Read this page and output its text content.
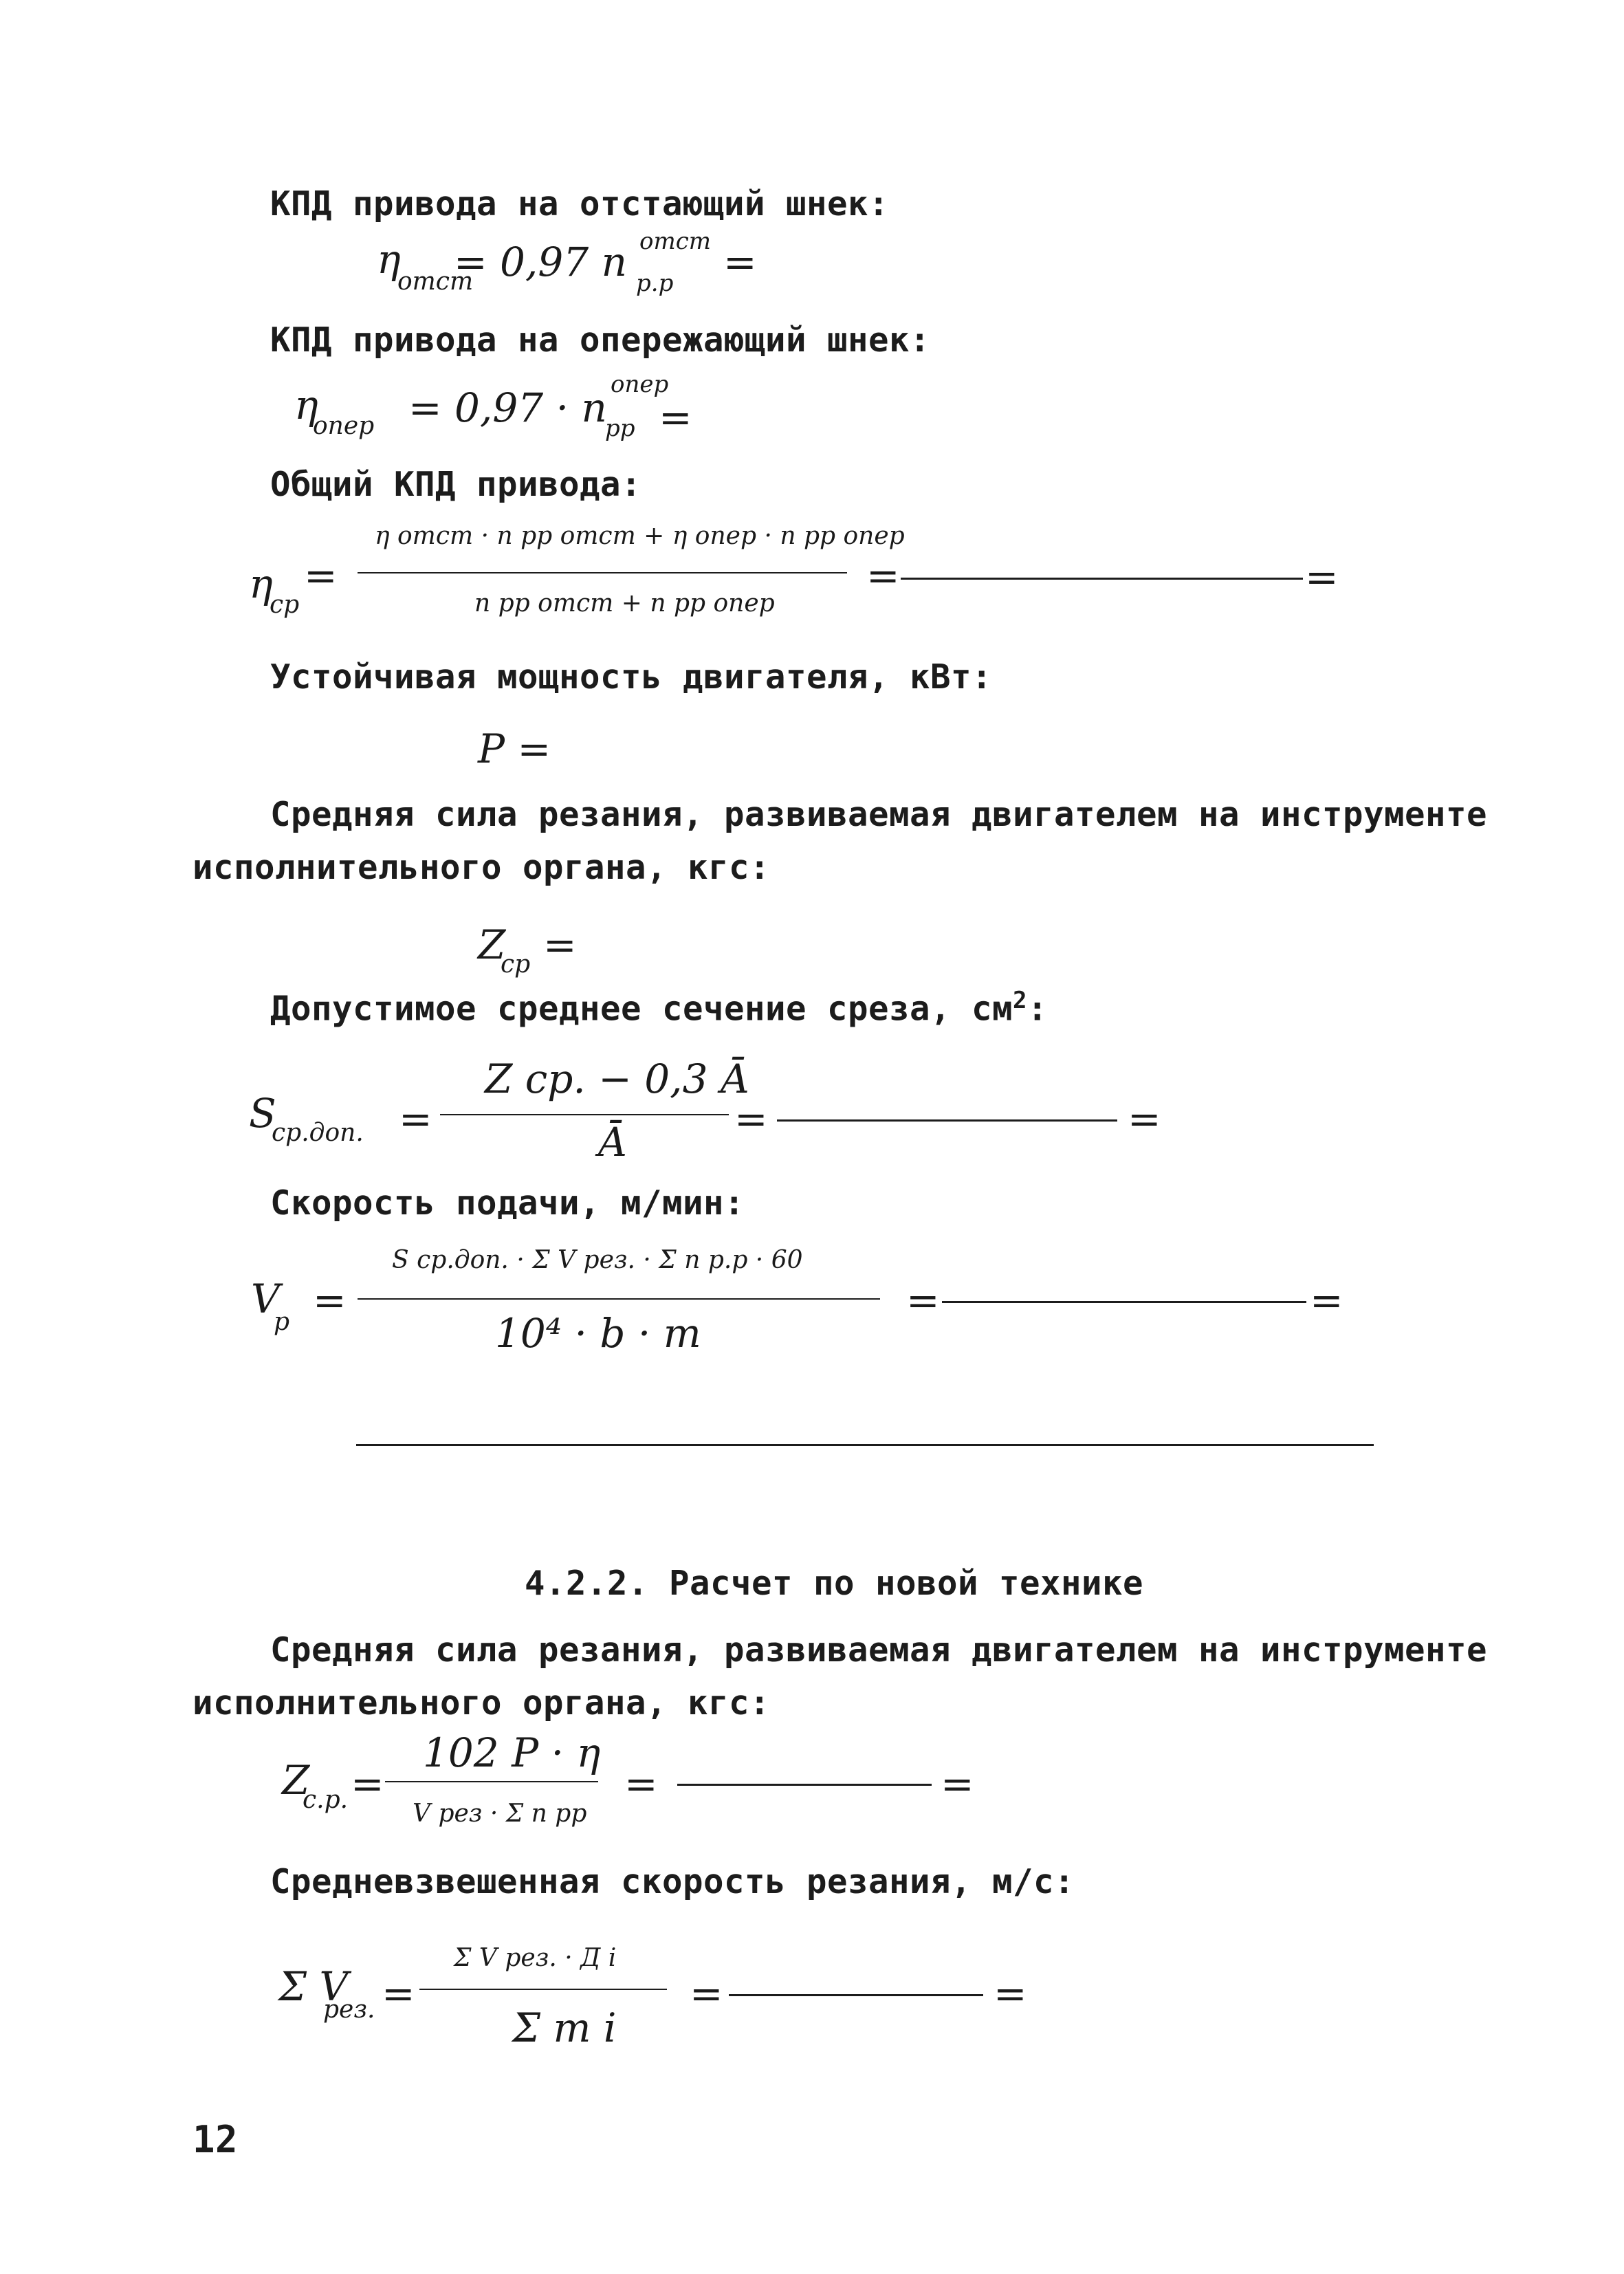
КПД привода на отстающий шнек:
η
отст
= 0,97 n отст
р.р =
КПД привода на опережающий шнек:
η
опер = 0,97 · n опер
рр =
Общий КПД привода:
η
ср
=
η отст · n рр отст + η опер · n рр опер
n рр отст + n рр опер
=	=
Устойчивая мощность двигателя, кВт:
P =
Средняя сила резания, развиваемая двигателем на инструменте
исполнительного органа, кгс:
Z
ср =
Допустимое среднее сечение среза, $см^2$:
S
ср.доп. =
Z ср. − 0,3 Ā
Ā	=	=
Скорость подачи, м/мин:
V
р =
S ср.доп. · Σ V рез. · Σ n р.р · 60
10⁴ · b · m
=	=
4.2.2. Расчет по новой технике
Средняя сила резания, развиваемая двигателем на инструменте
исполнительного органа, кгс:
Z
с.р. =
102 P · η
V рез · Σ n рр
=	=
Средневзвешенная скорость резания, м/с:
Σ V
рез. =
Σ V рез. · Д i
Σ m i
=	=
12
